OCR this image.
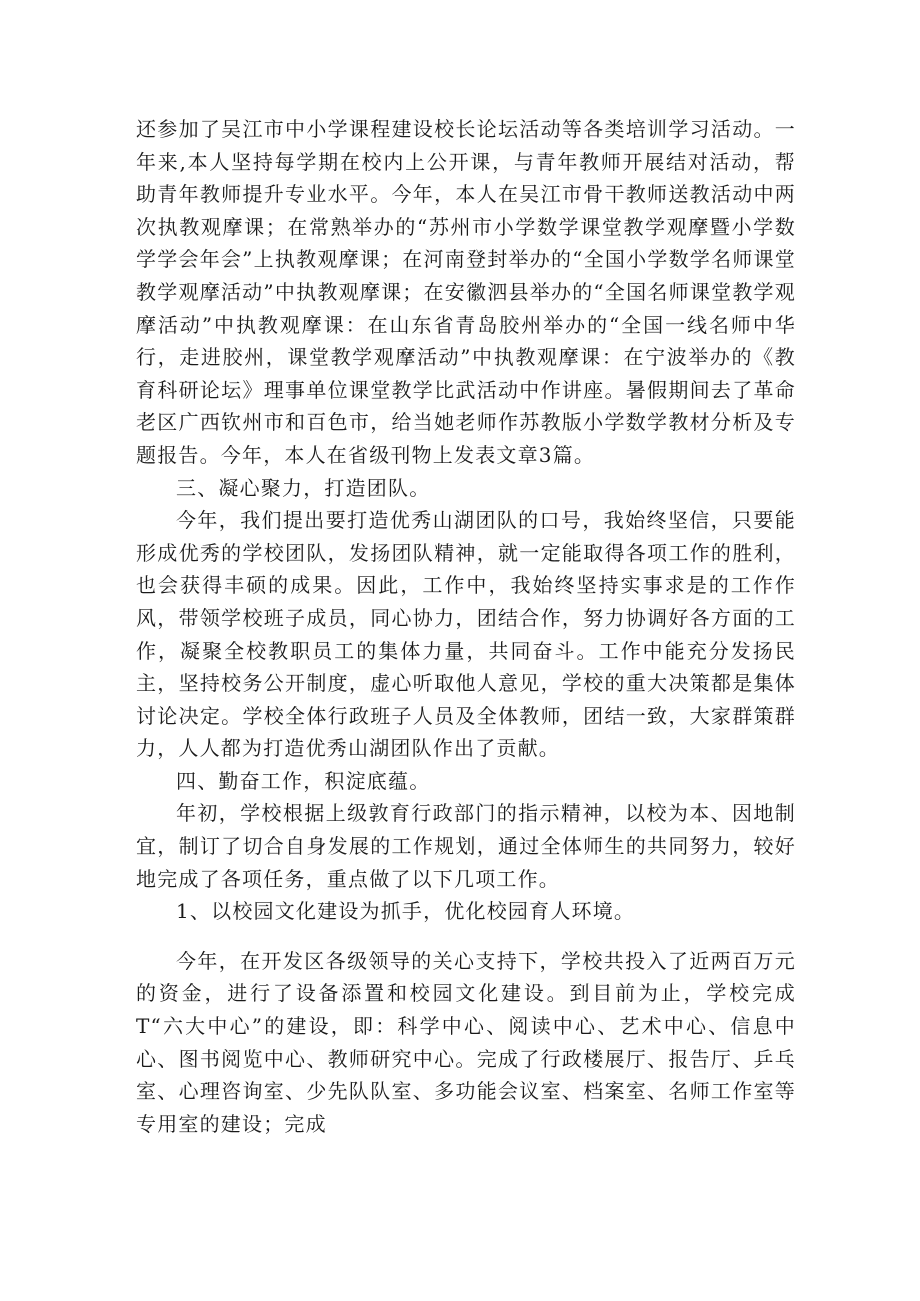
还参加了吴江市中小学课程建设校长论坛活动等各类培训学习活动。一年来,本人坚持每学期在校内上公开课，与青年教师开展结对活动，帮助青年教师提升专业水平。今年，本人在吴江市骨干教师送教活动中两次执教观摩课；在常熟举办的“苏州市小学数学课堂教学观摩暨小学数学学会年会”上执教观摩课；在河南登封举办的“全国小学数学名师课堂教学观摩活动”中执教观摩课；在安徽泗县举办的“全国名师课堂教学观摩活动”中执教观摩课：在山东省青岛胶州举办的“全国一线名师中华行，走进胶州，课堂教学观摩活动”中执教观摩课：在宁波举办的《教育科研论坛》理事单位课堂教学比武活动中作讲座。暑假期间去了革命老区广西钦州市和百色市，给当她老师作苏教版小学数学教材分析及专题报告。今年，本人在省级刊物上发表文章3篇。

三、凝心聚力，打造团队。

今年，我们提出要打造优秀山湖团队的口号，我始终坚信，只要能形成优秀的学校团队，发扬团队精神，就一定能取得各项工作的胜利，也会获得丰硕的成果。因此，工作中，我始终坚持实事求是的工作作风，带领学校班子成员，同心协力，团结合作，努力协调好各方面的工作，凝聚全校教职员工的集体力量，共同奋斗。工作中能充分发扬民主，坚持校务公开制度，虚心听取他人意见，学校的重大决策都是集体讨论决定。学校全体行政班子人员及全体教师，团结一致，大家群策群力，人人都为打造优秀山湖团队作出了贡献。

四、勤奋工作，积淀底蕴。

年初，学校根据上级敦育行政部门的指示精神，以校为本、因地制宜，制订了切合自身发展的工作规划，通过全体师生的共同努力，较好地完成了各项任务，重点做了以下几项工作。

1、以校园文化建设为抓手，优化校园育人环境。

今年，在开发区各级领导的关心支持下，学校共投入了近两百万元的资金，进行了设备添置和校园文化建设。到目前为止，学校完成T“六大中心”的建设，即：科学中心、阅读中心、艺术中心、信息中心、图书阅览中心、教师研究中心。完成了行政楼展厅、报告厅、乒乓室、心理咨询室、少先队队室、多功能会议室、档案室、名师工作室等专用室的建设；完成
